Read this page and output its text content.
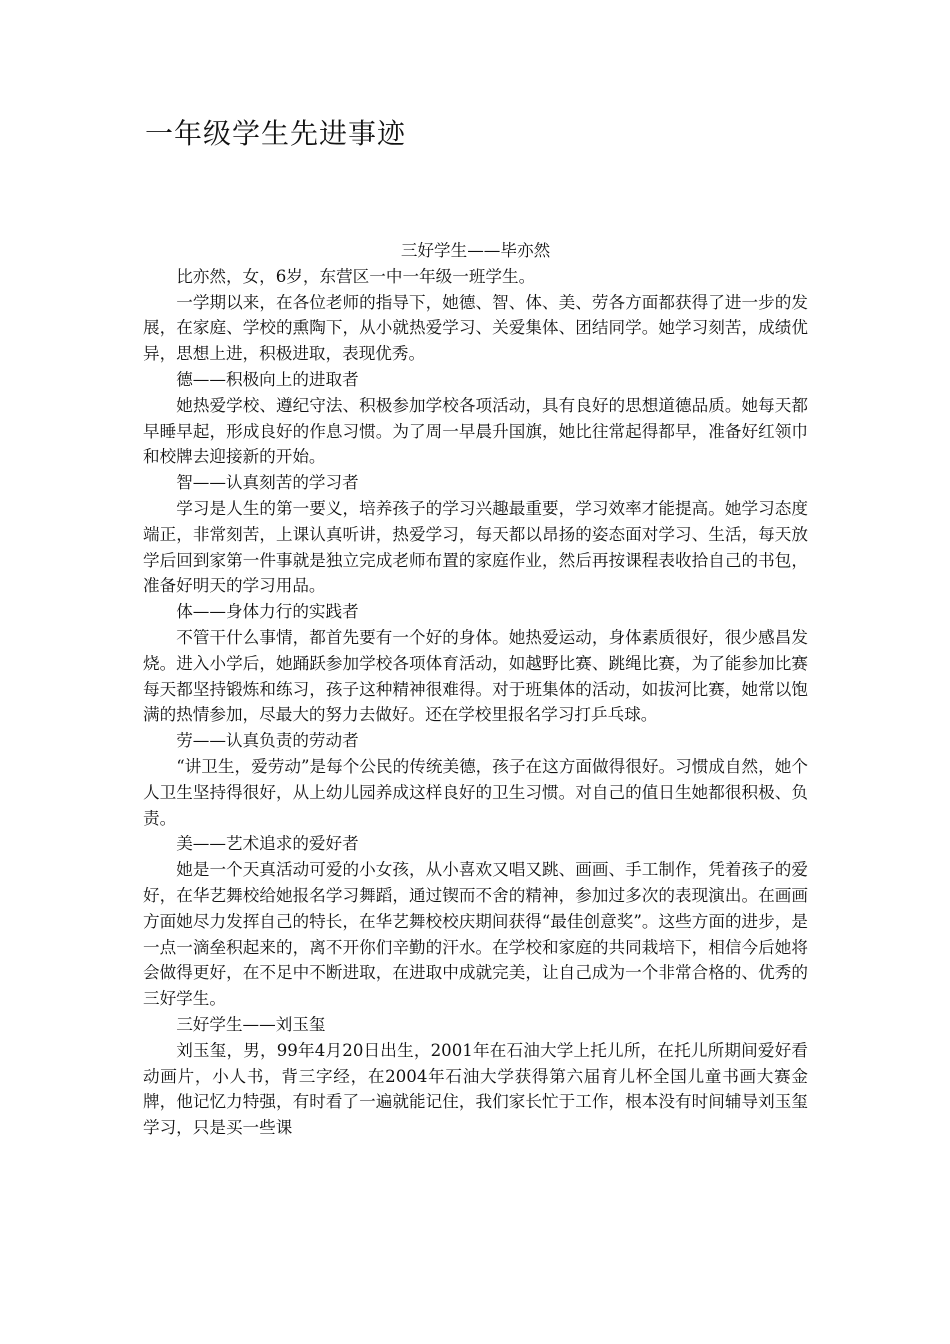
一年级学生先进事迹

三好学生——毕亦然

比亦然，女，6岁，东营区一中一年级一班学生。

一学期以来，在各位老师的指导下，她德、智、体、美、劳各方面都获得了进一步的发展，在家庭、学校的熏陶下，从小就热爱学习、关爱集体、团结同学。她学习刻苦，成绩优异，思想上进，积极进取，表现优秀。

德——积极向上的进取者

她热爱学校、遵纪守法、积极参加学校各项活动，具有良好的思想道德品质。她每天都早睡早起，形成良好的作息习惯。为了周一早晨升国旗，她比往常起得都早，准备好红领巾和校牌去迎接新的开始。

智——认真刻苦的学习者

学习是人生的第一要义，培养孩子的学习兴趣最重要，学习效率才能提高。她学习态度端正，非常刻苦，上课认真听讲，热爱学习，每天都以昂扬的姿态面对学习、生活，每天放学后回到家第一件事就是独立完成老师布置的家庭作业，然后再按课程表收拾自己的书包，准备好明天的学习用品。

体——身体力行的实践者

不管干什么事情，都首先要有一个好的身体。她热爱运动，身体素质很好，很少感昌发烧。进入小学后，她踊跃参加学校各项体育活动，如越野比赛、跳绳比赛，为了能参加比赛每天都坚持锻炼和练习，孩子这种精神很难得。对于班集体的活动，如拔河比赛，她常以饱满的热情参加，尽最大的努力去做好。还在学校里报名学习打乒乓球。

劳——认真负责的劳动者

“讲卫生，爱劳动”是每个公民的传统美德，孩子在这方面做得很好。习惯成自然，她个人卫生坚持得很好，从上幼儿园养成这样良好的卫生习惯。对自己的值日生她都很积极、负责。

美——艺术追求的爱好者

她是一个天真活动可爱的小女孩，从小喜欢又唱又跳、画画、手工制作，凭着孩子的爱好，在华艺舞校给她报名学习舞蹈，通过锲而不舍的精神，参加过多次的表现演出。在画画方面她尽力发挥自己的特长，在华艺舞校校庆期间获得“最佳创意奖”。这些方面的进步，是一点一滴垒积起来的，离不开你们辛勤的汗水。在学校和家庭的共同栽培下，相信今后她将会做得更好，在不足中不断进取，在进取中成就完美，让自己成为一个非常合格的、优秀的三好学生。

三好学生——刘玉玺

刘玉玺，男，99年4月20日出生，2001年在石油大学上托儿所，在托儿所期间爱好看动画片，小人书，背三字经，在2004年石油大学获得第六届育儿杯全国儿童书画大赛金牌，他记忆力特强，有时看了一遍就能记住，我们家长忙于工作，根本没有时间辅导刘玉玺学习，只是买一些课
